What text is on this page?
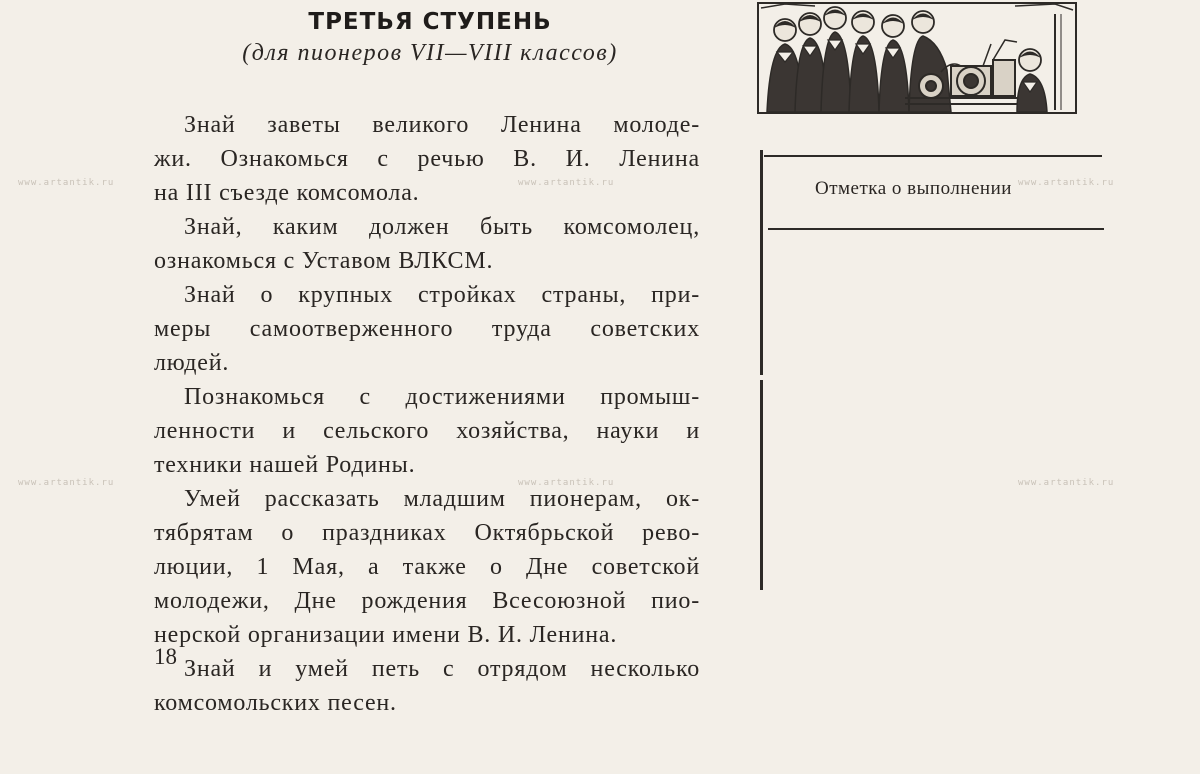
ТРЕТЬЯ СТУПЕНЬ
(для пионеров VII—VIII классов)

Знай заветы великого Ленина молоде-
жи. Ознакомься с речью В. И. Ленина
на III съезде комсомола.

Знай, каким должен быть комсомолец,
ознакомься с Уставом ВЛКСМ.

Знай о крупных стройках страны, при-
меры самоотверженного труда советских
людей.

Познакомься с достижениями промыш-
ленности и сельского хозяйства, науки и
техники нашей Родины.

Умей рассказать младшим пионерам, ок-
тябрятам о праздниках Октябрьской рево-
люции, 1 Мая, а также о Дне советской
молодежи, Дне рождения Всесоюзной пио-
нерской организации имени В. И. Ленина.

Знай и умей петь с отрядом несколько
комсомольских песен.

18
Отметка о выполнении
www.artantik.ru	www.artantik.ru	www.artantik.ru
www.artantik.ru	www.artantik.ru	www.artantik.ru
